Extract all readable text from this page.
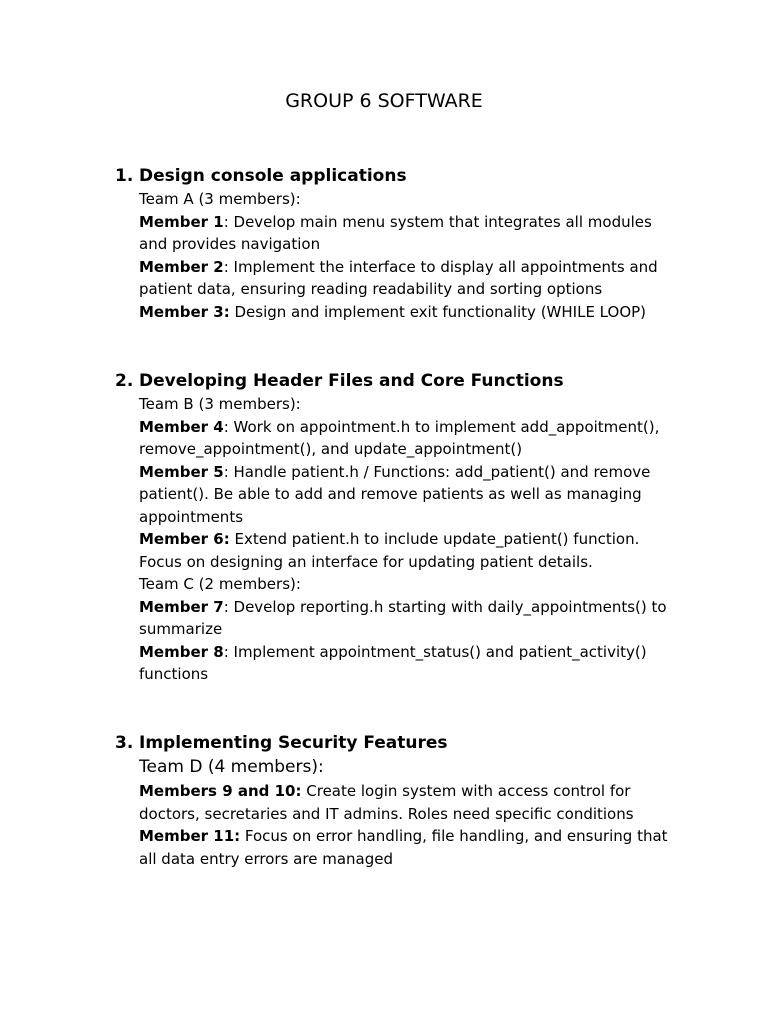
GROUP 6 SOFTWARE
1. Design console applications
Team A (3 members):
Member 1: Develop main menu system that integrates all modules
and provides navigation
Member 2: Implement the interface to display all appointments and
patient data, ensuring reading readability and sorting options
Member 3: Design and implement exit functionality (WHILE LOOP)
2. Developing Header Files and Core Functions
Team B (3 members):
Member 4: Work on appointment.h to implement add_appoitment(),
remove_appointment(), and update_appointment()
Member 5: Handle patient.h / Functions: add_patient() and remove
patient(). Be able to add and remove patients as well as managing
appointments
Member 6: Extend patient.h to include update_patient() function.
Focus on designing an interface for updating patient details.
Team C (2 members):
Member 7: Develop reporting.h starting with daily_appointments() to
summarize
Member 8: Implement appointment_status() and patient_activity()
functions
3. Implementing Security Features
Team D (4 members):
Members 9 and 10: Create login system with access control for
doctors, secretaries and IT admins. Roles need specific conditions
Member 11: Focus on error handling, file handling, and ensuring that
all data entry errors are managed
